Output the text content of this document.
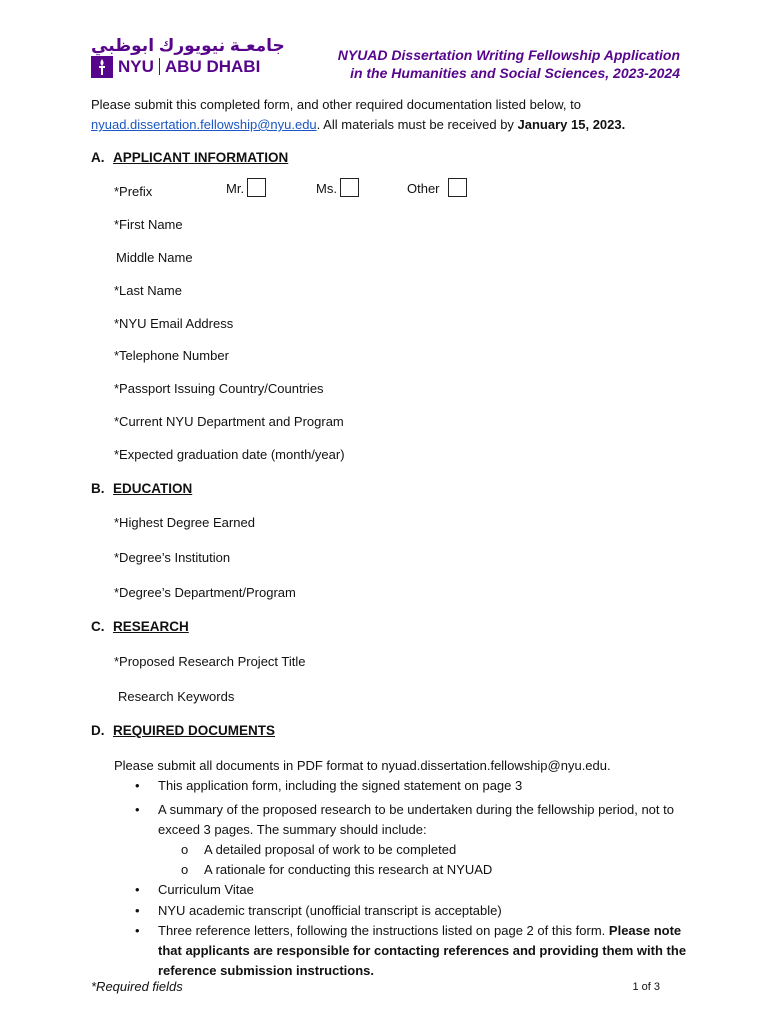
جامعـة نيويورك ابوظبي
NYU ABU DHABI
NYUAD Dissertation Writing Fellowship Application
in the Humanities and Social Sciences, 2023-2024
Please submit this completed form, and other required documentation listed below, to
nyuad.dissertation.fellowship@nyu.edu. All materials must be received by January 15, 2023.
A. APPLICANT INFORMATION
*Prefix	Mr.	Ms.	Other
*First Name
Middle Name
*Last Name
*NYU Email Address
*Telephone Number
*Passport Issuing Country/Countries
*Current NYU Department and Program
*Expected graduation date (month/year)
B. EDUCATION
*Highest Degree Earned
*Degree’s Institution
*Degree’s Department/Program
C. RESEARCH
*Proposed Research Project Title
Research Keywords
D. REQUIRED DOCUMENTS
Please submit all documents in PDF format to nyuad.dissertation.fellowship@nyu.edu.
• This application form, including the signed statement on page 3
• A summary of the proposed research to be undertaken during the fellowship period, not to
exceed 3 pages. The summary should include:
o A detailed proposal of work to be completed
o A rationale for conducting this research at NYUAD
• Curriculum Vitae
• NYU academic transcript (unofficial transcript is acceptable)
• Three reference letters, following the instructions listed on page 2 of this form. Please note
that applicants are responsible for contacting references and providing them with the
reference submission instructions.
*Required fields	1 of 3
